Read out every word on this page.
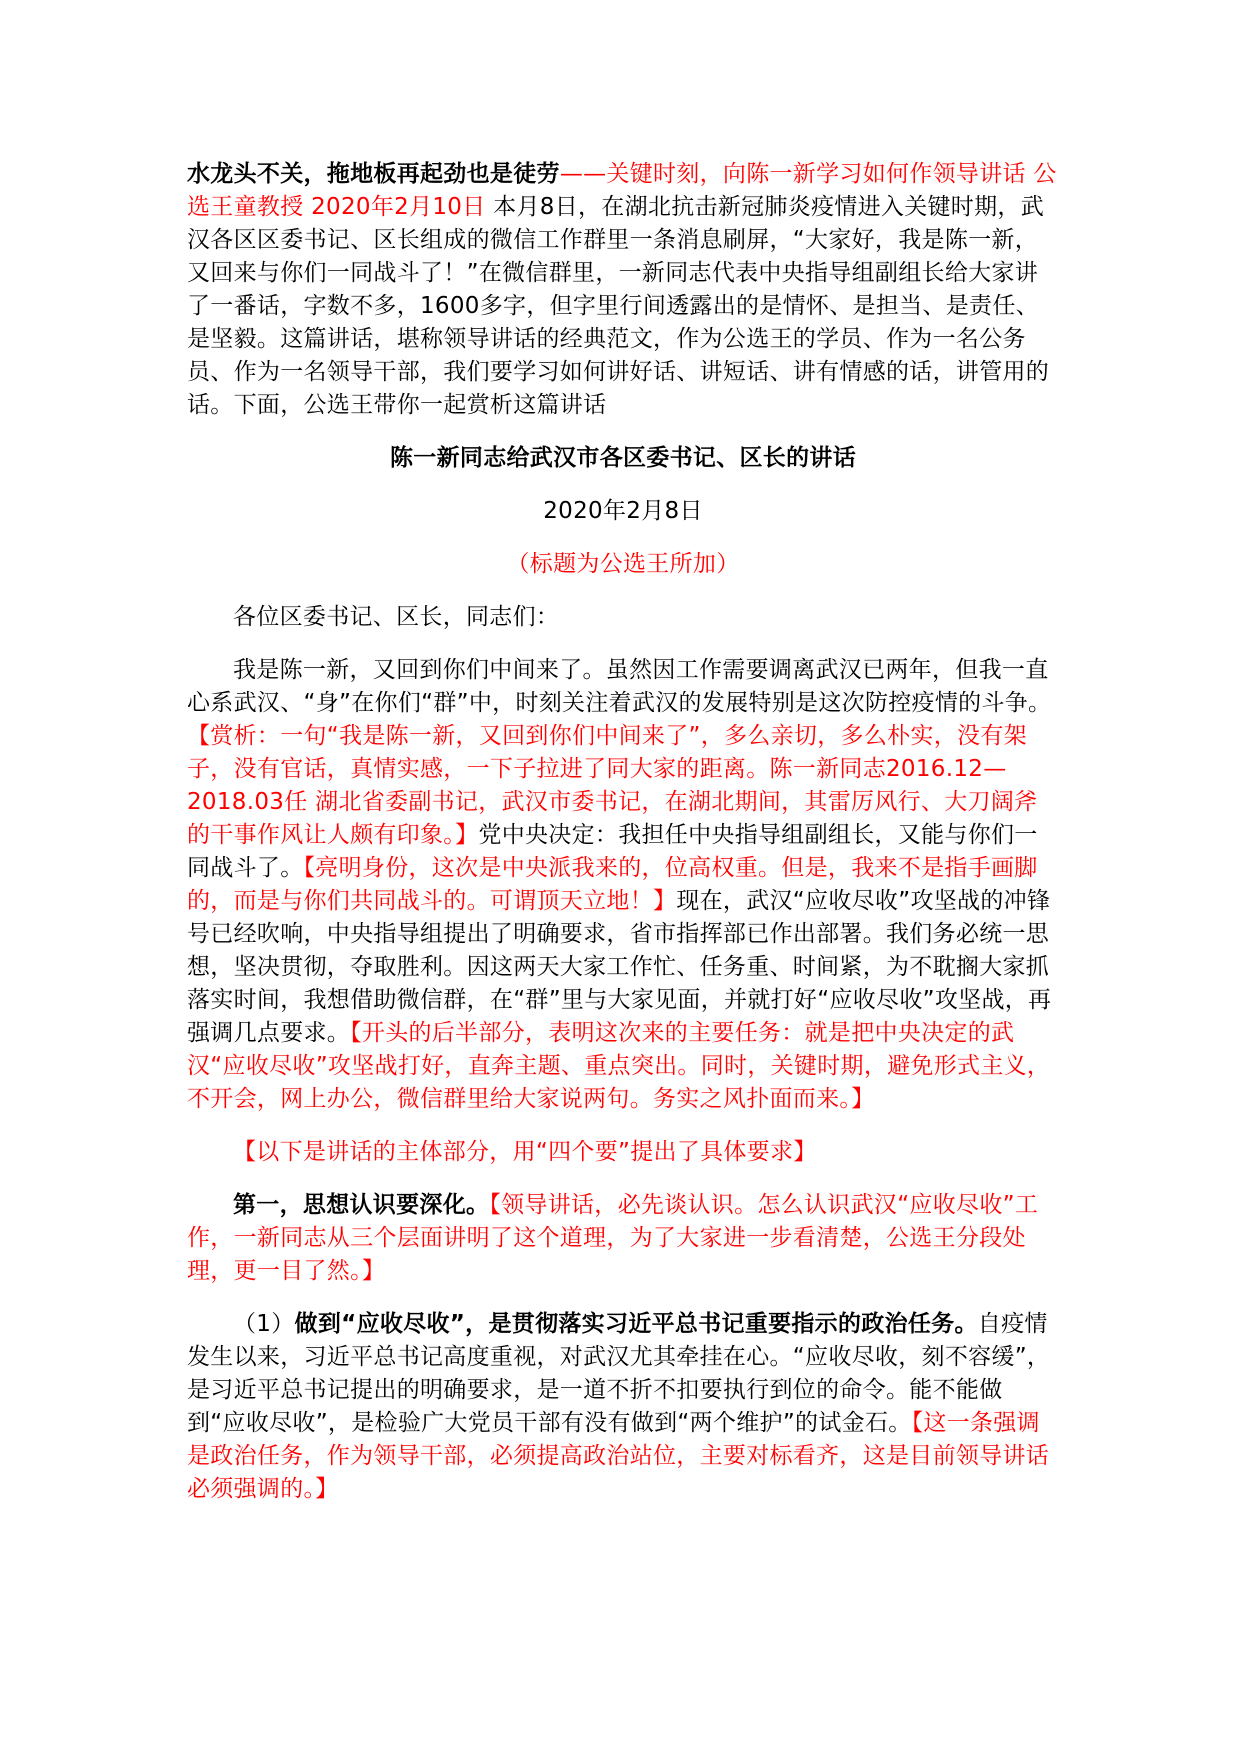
水龙头不关，拖地板再起劲也是徒劳——关键时刻，向陈一新学习如何作领导讲话 公选王童教授 2020年2月10日 本月8日，在湖北抗击新冠肺炎疫情进入关键时期，武汉各区区委书记、区长组成的微信工作群里一条消息刷屏，“大家好，我是陈一新，又回来与你们一同战斗了！”在微信群里，一新同志代表中央指导组副组长给大家讲了一番话，字数不多，1600多字，但字里行间透露出的是情怀、是担当、是责任、是坚毅。这篇讲话，堪称领导讲话的经典范文，作为公选王的学员、作为一名公务员、作为一名领导干部，我们要学习如何讲好话、讲短话、讲有情感的话，讲管用的话。下面，公选王带你一起赏析这篇讲话

陈一新同志给武汉市各区委书记、区长的讲话

2020年2月8日

（标题为公选王所加）

各位区委书记、区长，同志们：

我是陈一新，又回到你们中间来了。虽然因工作需要调离武汉已两年，但我一直心系武汉、“身”在你们“群”中，时刻关注着武汉的发展特别是这次防控疫情的斗争。【赏析：一句“我是陈一新，又回到你们中间来了”，多么亲切，多么朴实，没有架子，没有官话，真情实感，一下子拉进了同大家的距离。陈一新同志2016.12—2018.03任 湖北省委副书记，武汉市委书记，在湖北期间，其雷厉风行、大刀阔斧的干事作风让人颇有印象。】党中央决定：我担任中央指导组副组长，又能与你们一同战斗了。【亮明身份，这次是中央派我来的，位高权重。但是，我来不是指手画脚的，而是与你们共同战斗的。可谓顶天立地！】现在，武汉“应收尽收”攻坚战的冲锋号已经吹响，中央指导组提出了明确要求，省市指挥部已作出部署。我们务必统一思想，坚决贯彻，夺取胜利。因这两天大家工作忙、任务重、时间紧，为不耽搁大家抓落实时间，我想借助微信群，在“群”里与大家见面，并就打好“应收尽收”攻坚战，再强调几点要求。【开头的后半部分，表明这次来的主要任务：就是把中央决定的武汉“应收尽收”攻坚战打好，直奔主题、重点突出。同时，关键时期，避免形式主义，不开会，网上办公，微信群里给大家说两句。务实之风扑面而来。】

【以下是讲话的主体部分，用“四个要”提出了具体要求】

第一，思想认识要深化。【领导讲话，必先谈认识。怎么认识武汉“应收尽收”工作，一新同志从三个层面讲明了这个道理，为了大家进一步看清楚，公选王分段处理，更一目了然。】

（1）做到“应收尽收”，是贯彻落实习近平总书记重要指示的政治任务。自疫情发生以来，习近平总书记高度重视，对武汉尤其牵挂在心。“应收尽收，刻不容缓”，是习近平总书记提出的明确要求，是一道不折不扣要执行到位的命令。能不能做到“应收尽收”，是检验广大党员干部有没有做到“两个维护”的试金石。【这一条强调是政治任务，作为领导干部，必须提高政治站位，主要对标看齐，这是目前领导讲话必须强调的。】
